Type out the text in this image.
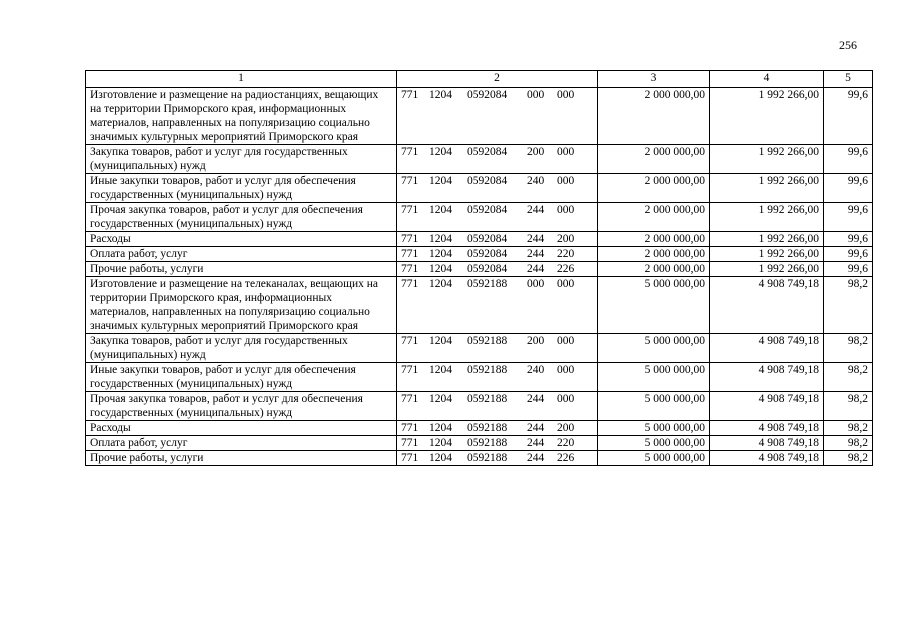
256
1	2	3	4	5
Изготовление и размещение на радиостанциях, вещающих на территории Приморского края, информационных материалов, направленных на популяризацию социально значимых культурных мероприятий Приморского края	771 1204 0592084 000 000	2 000 000,00	1 992 266,00	99,6
Закупка товаров, работ и услуг для государственных (муниципальных) нужд	771 1204 0592084 200 000	2 000 000,00	1 992 266,00	99,6
Иные закупки товаров, работ и услуг для обеспечения государственных (муниципальных) нужд	771 1204 0592084 240 000	2 000 000,00	1 992 266,00	99,6
Прочая закупка товаров, работ и услуг для обеспечения государственных (муниципальных) нужд	771 1204 0592084 244 000	2 000 000,00	1 992 266,00	99,6
Расходы	771 1204 0592084 244 200	2 000 000,00	1 992 266,00	99,6
Оплата работ, услуг	771 1204 0592084 244 220	2 000 000,00	1 992 266,00	99,6
Прочие работы, услуги	771 1204 0592084 244 226	2 000 000,00	1 992 266,00	99,6
Изготовление и размещение на телеканалах, вещающих на территории Приморского края, информационных материалов, направленных на популяризацию социально значимых культурных мероприятий Приморского края	771 1204 0592188 000 000	5 000 000,00	4 908 749,18	98,2
Закупка товаров, работ и услуг для государственных (муниципальных) нужд	771 1204 0592188 200 000	5 000 000,00	4 908 749,18	98,2
Иные закупки товаров, работ и услуг для обеспечения государственных (муниципальных) нужд	771 1204 0592188 240 000	5 000 000,00	4 908 749,18	98,2
Прочая закупка товаров, работ и услуг для обеспечения государственных (муниципальных) нужд	771 1204 0592188 244 000	5 000 000,00	4 908 749,18	98,2
Расходы	771 1204 0592188 244 200	5 000 000,00	4 908 749,18	98,2
Оплата работ, услуг	771 1204 0592188 244 220	5 000 000,00	4 908 749,18	98,2
Прочие работы, услуги	771 1204 0592188 244 226	5 000 000,00	4 908 749,18	98,2
